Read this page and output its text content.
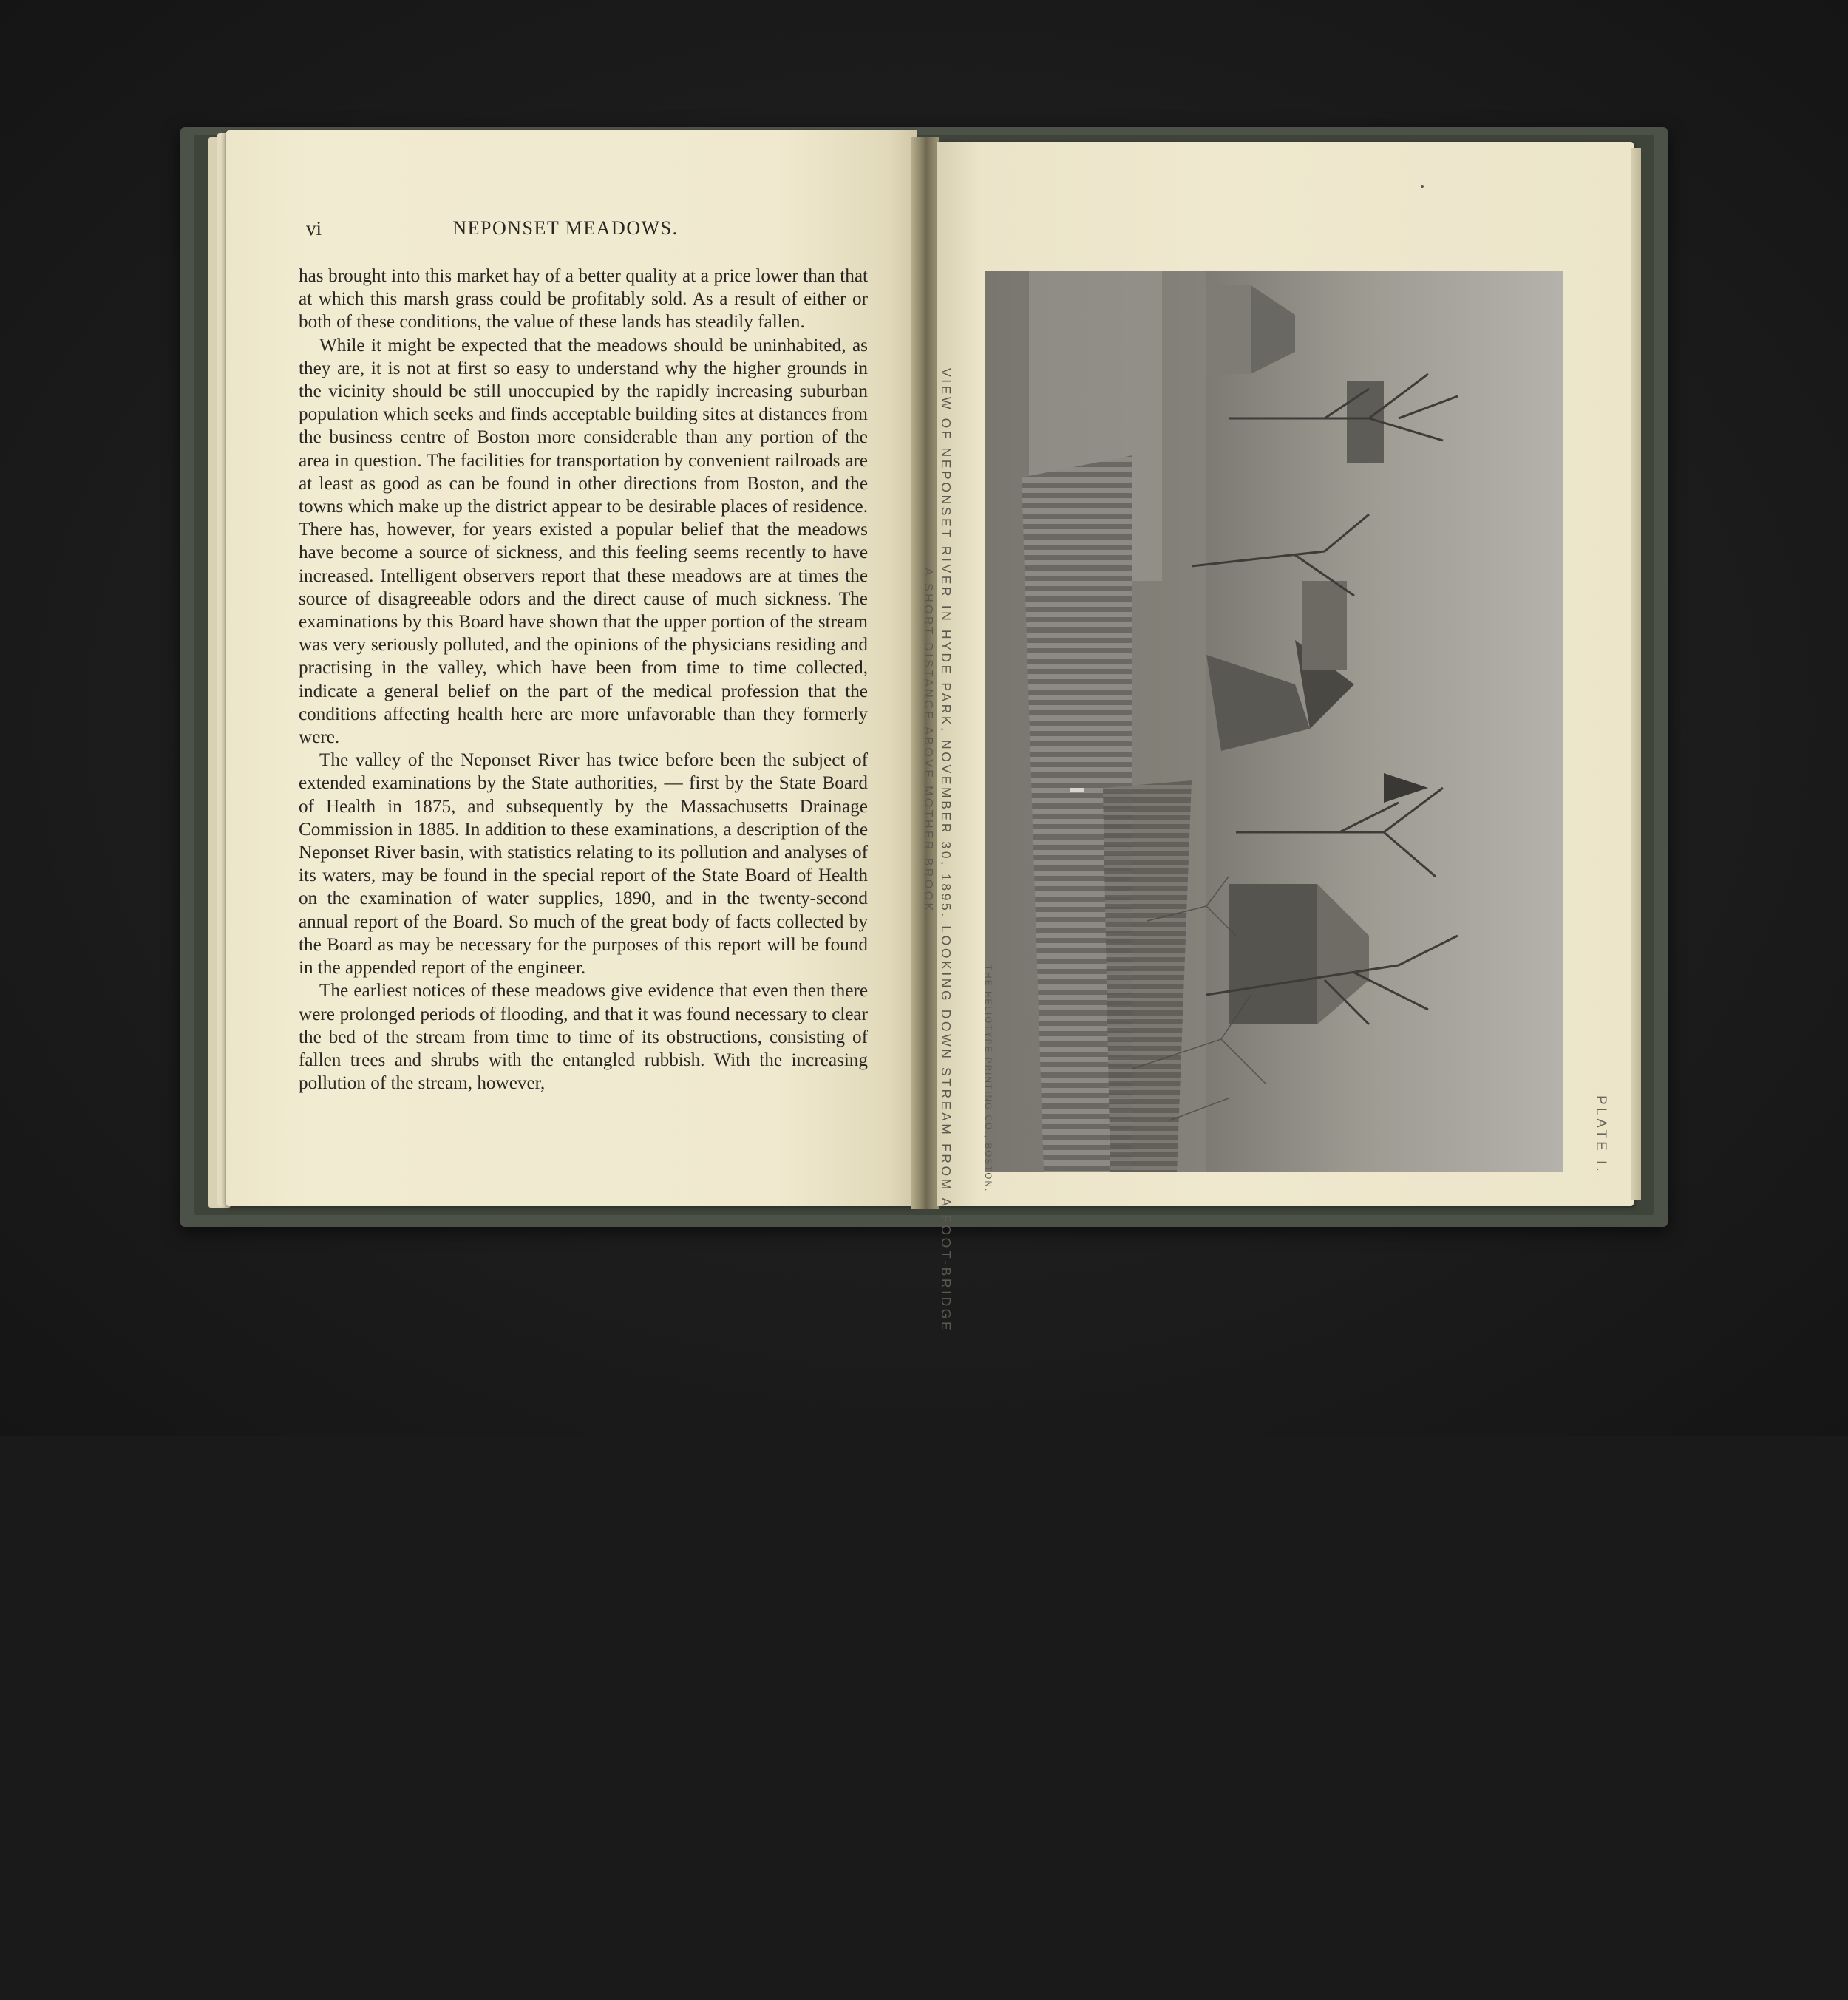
vi	NEPONSET MEADOWS.

has brought into this market hay of a better quality at a price lower than that at which this marsh grass could be profitably sold. As a result of either or both of these conditions, the value of these lands has steadily fallen.

While it might be expected that the meadows should be uninhabited, as they are, it is not at first so easy to understand why the higher grounds in the vicinity should be still unoccupied by the rapidly increasing suburban population which seeks and finds acceptable building sites at distances from the business centre of Boston more considerable than any portion of the area in question. The facilities for transportation by convenient railroads are at least as good as can be found in other directions from Boston, and the towns which make up the district appear to be desirable places of residence. There has, however, for years existed a popular belief that the meadows have become a source of sickness, and this feeling seems recently to have increased. Intelligent observers report that these meadows are at times the source of disagreeable odors and the direct cause of much sickness. The examinations by this Board have shown that the upper portion of the stream was very seriously polluted, and the opinions of the physicians residing and practising in the valley, which have been from time to time collected, indicate a general belief on the part of the medical profession that the conditions affecting health here are more unfavorable than they formerly were.

The valley of the Neponset River has twice before been the subject of extended examinations by the State authorities, — first by the State Board of Health in 1875, and subsequently by the Massachusetts Drainage Commission in 1885. In addition to these examinations, a description of the Neponset River basin, with statistics relating to its pollution and analyses of its waters, may be found in the special report of the State Board of Health on the examination of water supplies, 1890, and in the twenty-second annual report of the Board. So much of the great body of facts collected by the Board as may be necessary for the purposes of this report will be found in the appended report of the engineer.

The earliest notices of these meadows give evidence that even then there were prolonged periods of flooding, and that it was found necessary to clear the bed of the stream from time to time of its obstructions, consisting of fallen trees and shrubs with the entangled rubbish. With the increasing pollution of the stream, however,	VIEW OF NEPONSET RIVER IN HYDE PARK, NOVEMBER 30, 1895. LOOKING DOWN STREAM FROM A FOOT-BRIDGE
A SHORT DISTANCE ABOVE MOTHER BROOK.
THE HELIOTYPE PRINTING CO., BOSTON.	PLATE I.
